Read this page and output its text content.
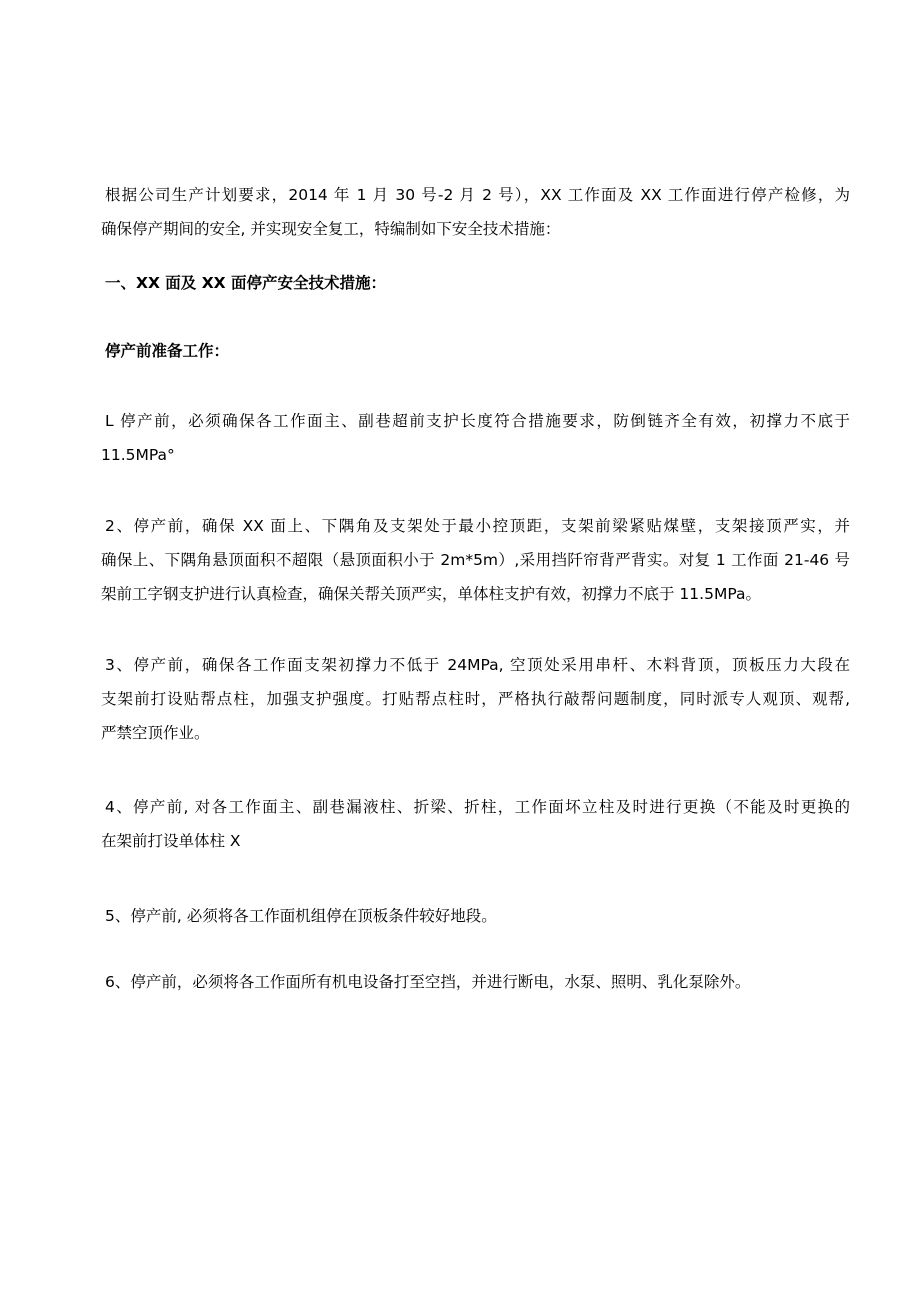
根据公司生产计划要求，2014 年 1 月 30 号-2 月 2 号），XX 工作面及 XX 工作面进行停产检修，为
确保停产期间的安全, 并实现安全复工，特编制如下安全技术措施：
一、XX 面及 XX 面停产安全技术措施：
停产前准备工作：
L 停产前，必须确保各工作面主、副巷超前支护长度符合措施要求，防倒链齐全有效，初撑力不底于
11.5MPa°
2、停产前，确保 XX 面上、下隅角及支架处于最小控顶距，支架前梁紧贴煤壁，支架接顶严实，并
确保上、下隅角悬顶面积不超限（悬顶面积小于 2m*5m）,采用挡阡帘背严背实。对复 1 工作面 21-46 号
架前工字钢支护进行认真检查，确保关帮关顶严实，单体柱支护有效，初撑力不底于 11.5MPa。
3、停产前，确保各工作面支架初撑力不低于 24MPa, 空顶处采用串杆、木料背顶，顶板压力大段在
支架前打设贴帮点柱，加强支护强度。打贴帮点柱时，严格执行敲帮问题制度，同时派专人观顶、观帮,
严禁空顶作业。
4、停产前, 对各工作面主、副巷漏液柱、折梁、折柱，工作面坏立柱及时进行更换（不能及时更换的
在架前打设单体柱 X
5、停产前, 必须将各工作面机组停在顶板条件较好地段。
6、停产前，必须将各工作面所有机电设备打至空挡，并进行断电，水泵、照明、乳化泵除外。
